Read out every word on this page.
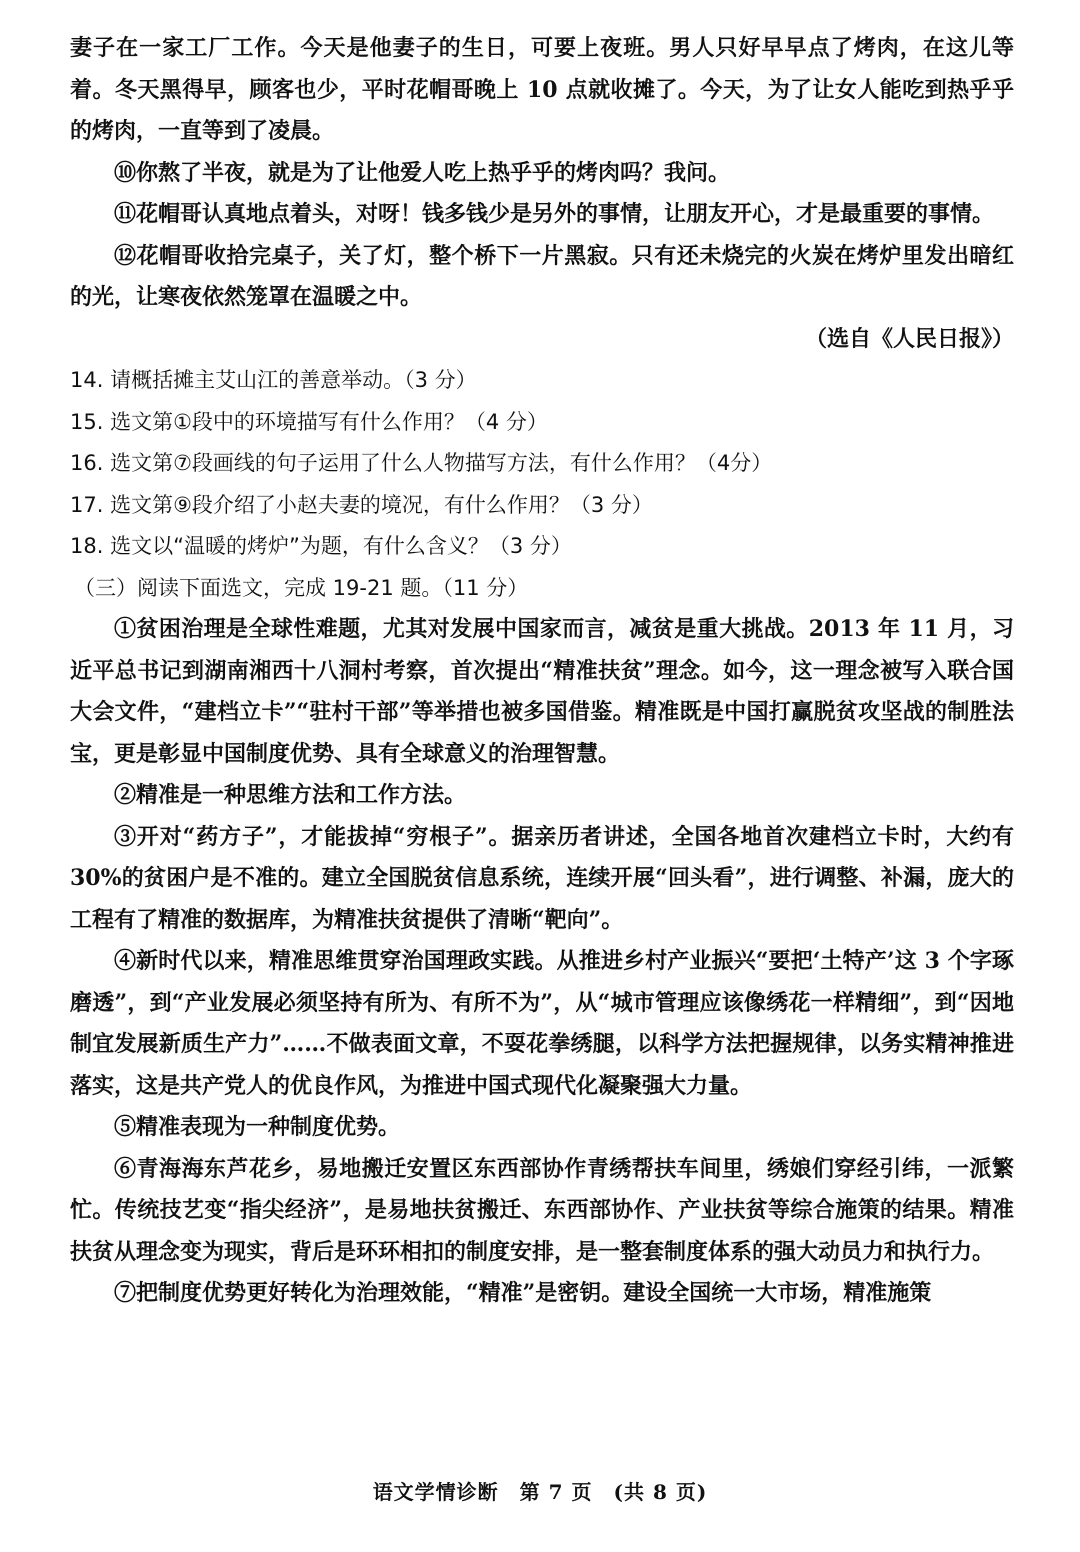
妻子在一家工厂工作。今天是他妻子的生日，可要上夜班。男人只好早早点了烤肉，在这儿等着。冬天黑得早，顾客也少，平时花帽哥晚上 10 点就收摊了。今天，为了让女人能吃到热乎乎的烤肉，一直等到了凌晨。

⑩你熬了半夜，就是为了让他爱人吃上热乎乎的烤肉吗？我问。

⑪花帽哥认真地点着头，对呀！钱多钱少是另外的事情，让朋友开心，才是最重要的事情。

⑫花帽哥收拾完桌子，关了灯，整个桥下一片黑寂。只有还未烧完的火炭在烤炉里发出暗红的光，让寒夜依然笼罩在温暖之中。

（选自《人民日报》）

14. 请概括摊主艾山江的善意举动。（3 分）

15. 选文第①段中的环境描写有什么作用？（4 分）

16. 选文第⑦段画线的句子运用了什么人物描写方法，有什么作用？（4分）

17. 选文第⑨段介绍了小赵夫妻的境况，有什么作用？（3 分）

18. 选文以“温暖的烤炉”为题，有什么含义？（3 分）

（三）阅读下面选文，完成 19-21 题。（11 分）

①贫困治理是全球性难题，尤其对发展中国家而言，减贫是重大挑战。2013 年 11 月，习近平总书记到湖南湘西十八洞村考察，首次提出“精准扶贫”理念。如今，这一理念被写入联合国大会文件，“建档立卡”“驻村干部”等举措也被多国借鉴。精准既是中国打赢脱贫攻坚战的制胜法宝，更是彰显中国制度优势、具有全球意义的治理智慧。

②精准是一种思维方法和工作方法。

③开对“药方子”，才能拔掉“穷根子”。据亲历者讲述，全国各地首次建档立卡时，大约有 30%的贫困户是不准的。建立全国脱贫信息系统，连续开展“回头看”，进行调整、补漏，庞大的工程有了精准的数据库，为精准扶贫提供了清晰“靶向”。

④新时代以来，精准思维贯穿治国理政实践。从推进乡村产业振兴“要把‘土特产’这 3 个字琢磨透”，到“产业发展必须坚持有所为、有所不为”，从“城市管理应该像绣花一样精细”，到“因地制宜发展新质生产力”……不做表面文章，不耍花拳绣腿，以科学方法把握规律，以务实精神推进落实，这是共产党人的优良作风，为推进中国式现代化凝聚强大力量。

⑤精准表现为一种制度优势。

⑥青海海东芦花乡，易地搬迁安置区东西部协作青绣帮扶车间里，绣娘们穿经引纬，一派繁忙。传统技艺变“指尖经济”，是易地扶贫搬迁、东西部协作、产业扶贫等综合施策的结果。精准扶贫从理念变为现实，背后是环环相扣的制度安排，是一整套制度体系的强大动员力和执行力。

⑦把制度优势更好转化为治理效能，“精准”是密钥。建设全国统一大市场，精准施策

语文学情诊断　第 7 页　(共 8 页)
